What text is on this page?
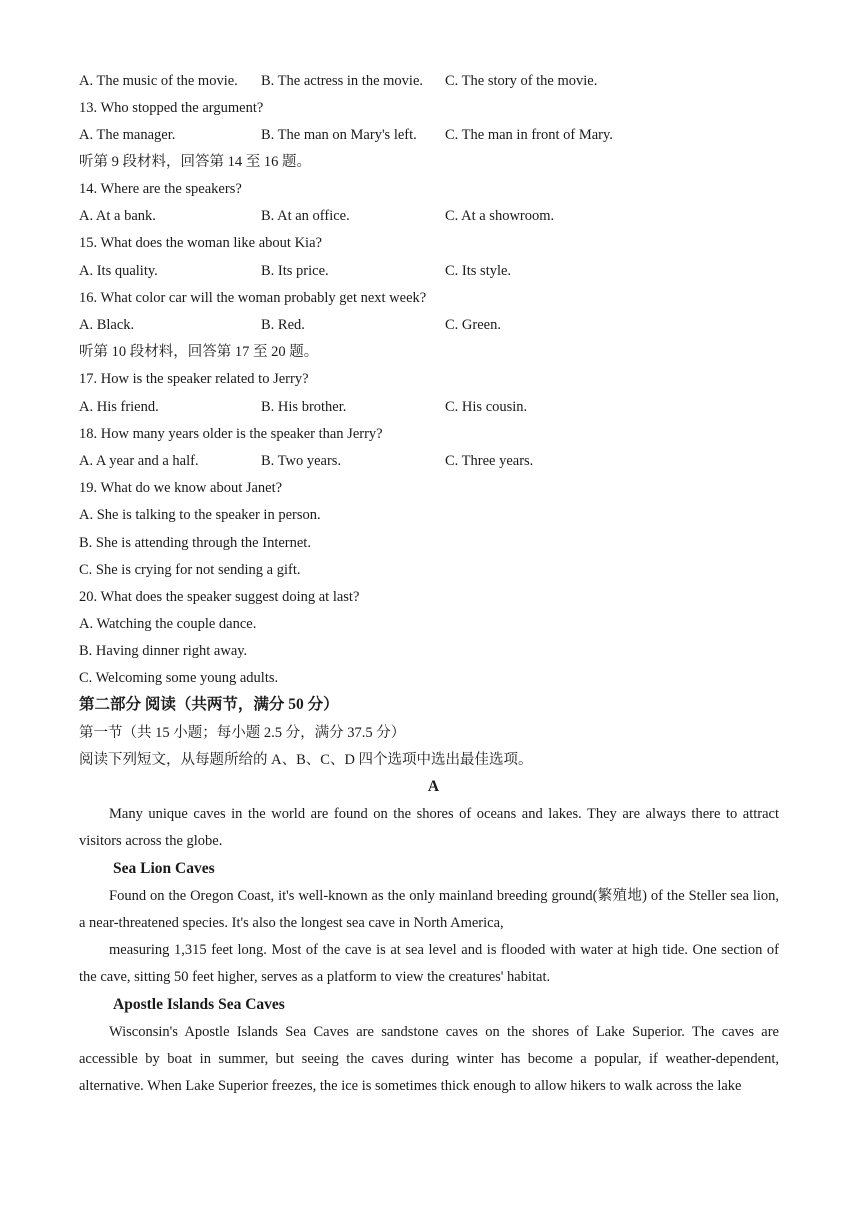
A. The music of the movie. B. The actress in the movie. C. The story of the movie.
13. Who stopped the argument?
A. The manager.	B. The man on Mary's left. C. The man in front of Mary.
听第 9 段材料，回答第 14 至 16 题。
14. Where are the speakers?
A. At a bank.	B. At an office.	C. At a showroom.
15. What does the woman like about Kia?
A. Its quality.	B. Its price.	C. Its style.
16. What color car will the woman probably get next week?
A. Black.	B. Red.	C. Green.
听第 10 段材料，回答第 17 至 20 题。
17. How is the speaker related to Jerry?
A. His friend.	B. His brother.	C. His cousin.
18. How many years older is the speaker than Jerry?
A. A year and a half.	B. Two years.	C. Three years.
19. What do we know about Janet?
A. She is talking to the speaker in person.
B. She is attending through the Internet.
C. She is crying for not sending a gift.
20. What does the speaker suggest doing at last?
A. Watching the couple dance.
B. Having dinner right away.
C. Welcoming some young adults.
第二部分 阅读（共两节，满分 50 分）
第一节（共 15 小题；每小题 2.5 分，满分 37.5 分）
阅读下列短文，从每题所给的 A、B、C、D 四个选项中选出最佳选项。
A
Many unique caves in the world are found on the shores of oceans and lakes. They are always there to attract visitors across the globe.
Sea Lion Caves
Found on the Oregon Coast, it's well-known as the only mainland breeding ground(繁殖地) of the Steller sea lion, a near-threatened species. It's also the longest sea cave in North America,
measuring 1,315 feet long. Most of the cave is at sea level and is flooded with water at high tide. One section of the cave, sitting 50 feet higher, serves as a platform to view the creatures' habitat.
Apostle Islands Sea Caves
Wisconsin's Apostle Islands Sea Caves are sandstone caves on the shores of Lake Superior. The caves are accessible by boat in summer, but seeing the caves during winter has become a popular, if weather-dependent, alternative. When Lake Superior freezes, the ice is sometimes thick enough to allow hikers to walk across the lake
